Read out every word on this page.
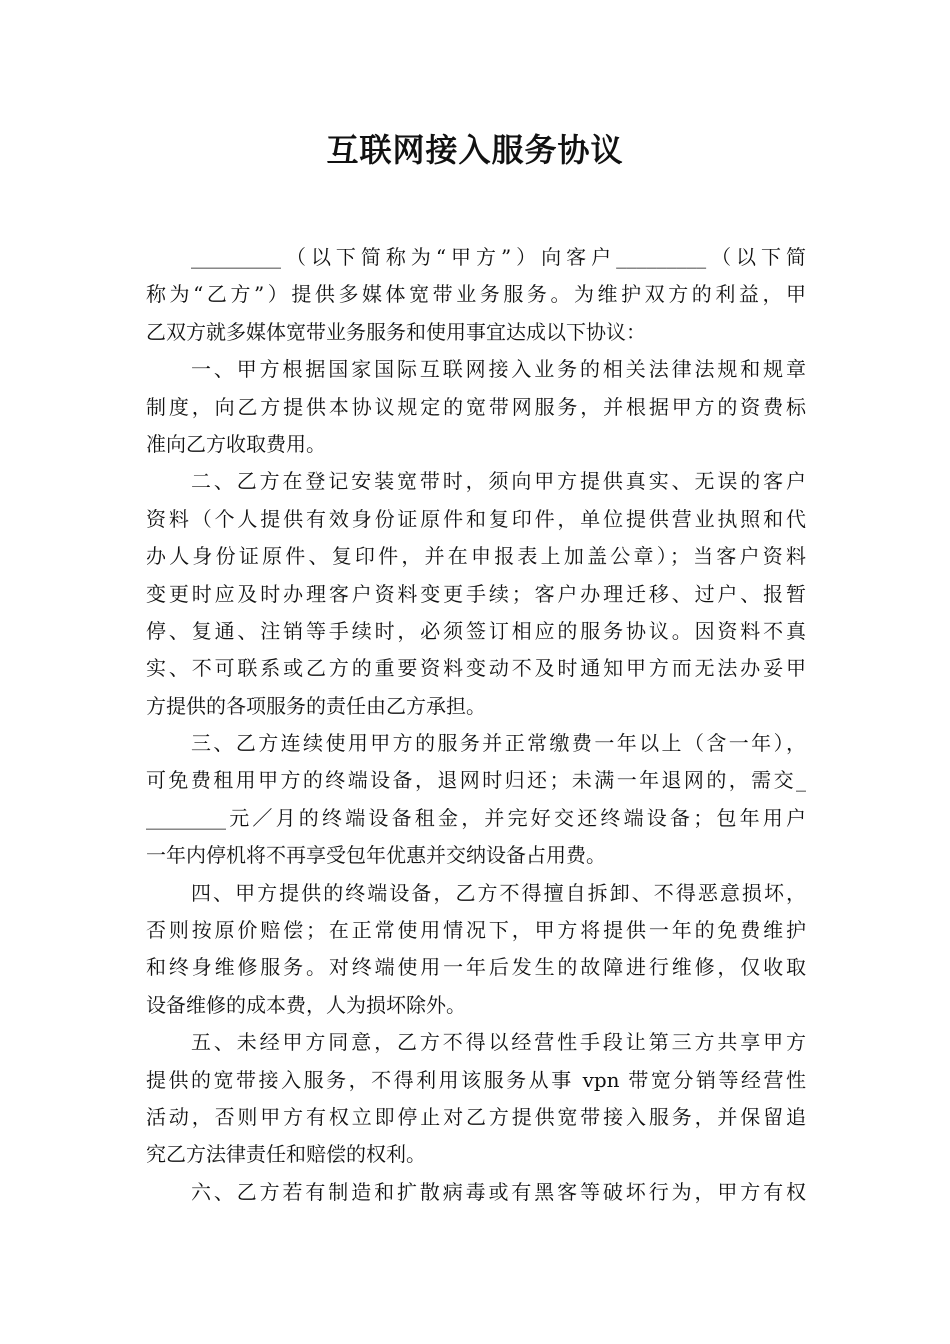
互联网接入服务协议
_________（以下简称为“甲方”）向客户_________（以下简
称为“乙方”）提供多媒体宽带业务服务。为维护双方的利益，甲
乙双方就多媒体宽带业务服务和使用事宜达成以下协议：
一、甲方根据国家国际互联网接入业务的相关法律法规和规章
制度，向乙方提供本协议规定的宽带网服务，并根据甲方的资费标
准向乙方收取费用。
二、乙方在登记安装宽带时，须向甲方提供真实、无误的客户
资料（个人提供有效身份证原件和复印件，单位提供营业执照和代
办人身份证原件、复印件，并在申报表上加盖公章）；当客户资料
变更时应及时办理客户资料变更手续；客户办理迁移、过户、报暂
停、复通、注销等手续时，必须签订相应的服务协议。因资料不真
实、不可联系或乙方的重要资料变动不及时通知甲方而无法办妥甲
方提供的各项服务的责任由乙方承担。
三、乙方连续使用甲方的服务并正常缴费一年以上（含一年），
可免费租用甲方的终端设备，退网时归还；未满一年退网的，需交_
________元／月的终端设备租金，并完好交还终端设备；包年用户
一年内停机将不再享受包年优惠并交纳设备占用费。
四、甲方提供的终端设备，乙方不得擅自拆卸、不得恶意损坏，
否则按原价赔偿；在正常使用情况下，甲方将提供一年的免费维护
和终身维修服务。对终端使用一年后发生的故障进行维修，仅收取
设备维修的成本费，人为损坏除外。
五、未经甲方同意，乙方不得以经营性手段让第三方共享甲方
提供的宽带接入服务，不得利用该服务从事 vpn 带宽分销等经营性
活动，否则甲方有权立即停止对乙方提供宽带接入服务，并保留追
究乙方法律责任和赔偿的权利。
六、乙方若有制造和扩散病毒或有黑客等破坏行为，甲方有权
